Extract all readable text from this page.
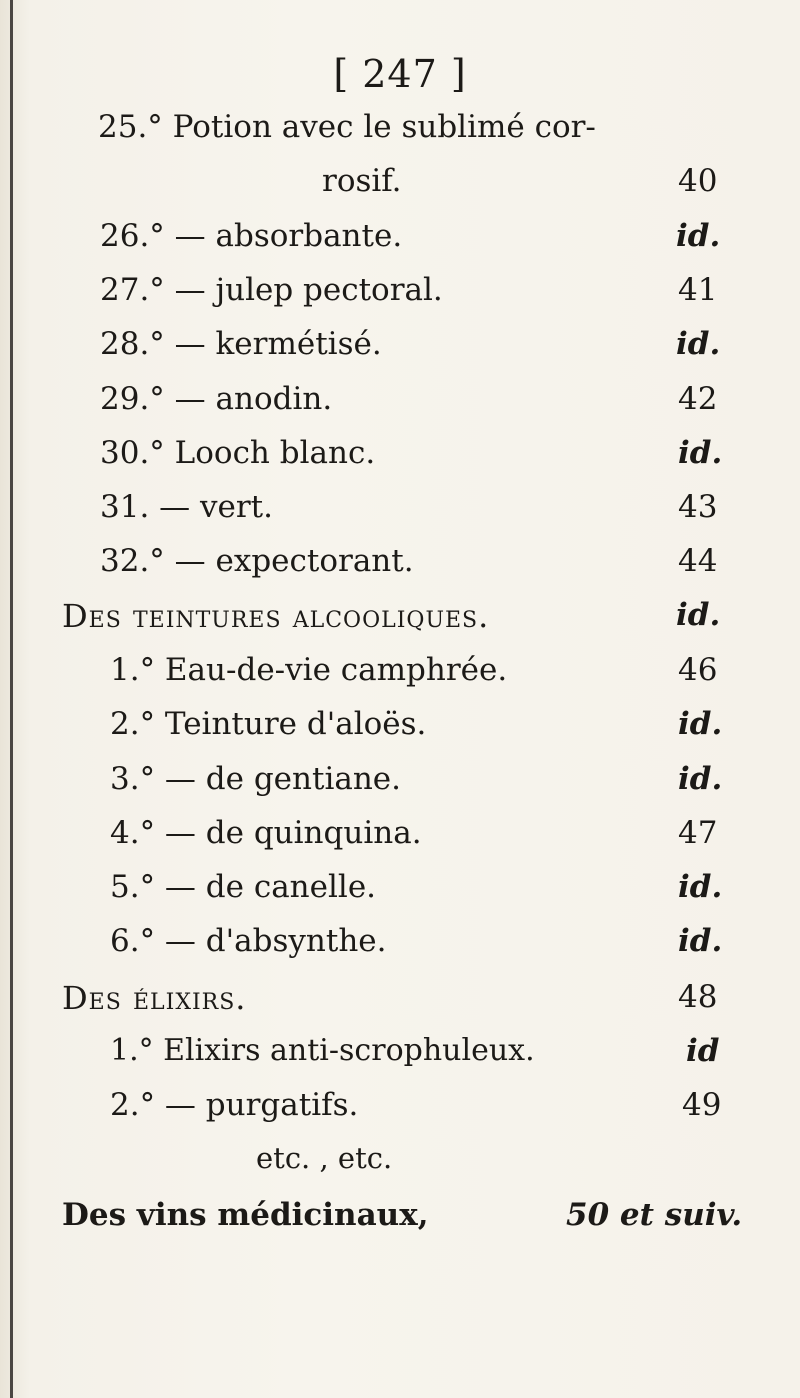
[ 247 ]
25.° Potion avec le sublimé cor-
rosif.	40
26.° — absorbante.	id.
27.° — julep pectoral.	41
28.° — kermétisé.	id.
29.° — anodin.	42
30.° Looch blanc.	id.
31. — vert.	43
32.° — expectorant.	44
Des teintures alcooliques.	id.
1.° Eau-de-vie camphrée.	46
2.° Teinture d'aloës.	id.
3.° — de gentiane.	id.
4.° — de quinquina.	47
5.° — de canelle.	id.
6.° — d'absynthe.	id.
Des élixirs.	48
1.° Elixirs anti-scrophuleux.	id
2.° — purgatifs.	49
etc. , etc.
Des vins médicinaux,	50 et suiv.
